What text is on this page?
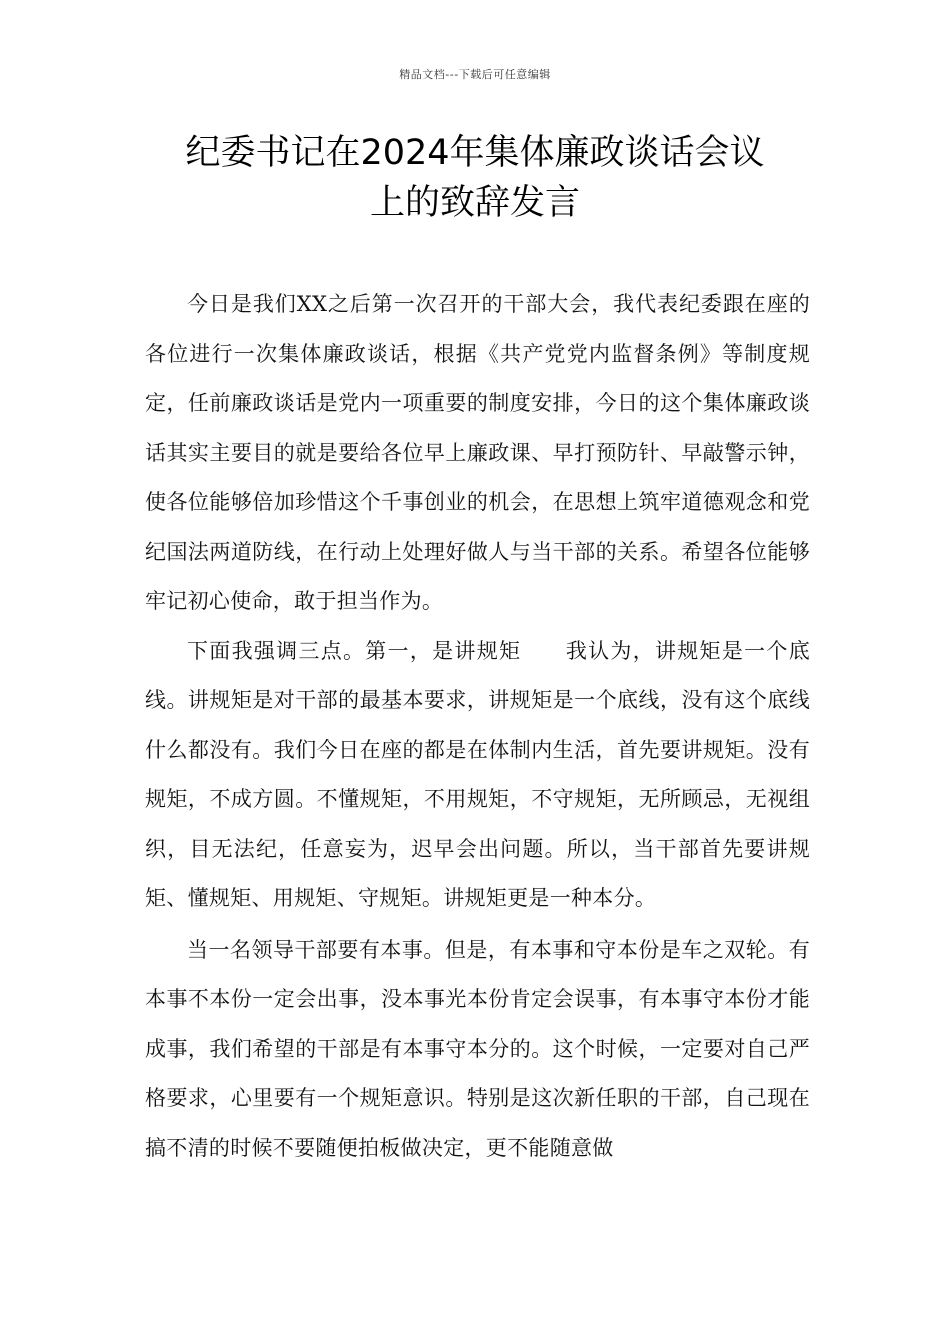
精品文档---下载后可任意编辑
纪委书记在2024年集体廉政谈话会议
上的致辞发言

今日是我们XX之后第一次召开的干部大会，我代表纪委跟在座的各位进行一次集体廉政谈话，根据《共产党党内监督条例》等制度规定，任前廉政谈话是党内一项重要的制度安排，今日的这个集体廉政谈话其实主要目的就是要给各位早上廉政课、早打预防针、早敲警示钟，使各位能够倍加珍惜这个千事创业的机会，在思想上筑牢道德观念和党纪国法两道防线，在行动上处理好做人与当干部的关系。希望各位能够牢记初心使命，敢于担当作为。

下面我强调三点。第一，是讲规矩　　我认为，讲规矩是一个底线。讲规矩是对干部的最基本要求，讲规矩是一个底线，没有这个底线什么都没有。我们今日在座的都是在体制内生活，首先要讲规矩。没有规矩，不成方圆。不懂规矩，不用规矩，不守规矩，无所顾忌，无视组织，目无法纪，任意妄为，迟早会出问题。所以，当干部首先要讲规矩、懂规矩、用规矩、守规矩。讲规矩更是一种本分。

当一名领导干部要有本事。但是，有本事和守本份是车之双轮。有本事不本份一定会出事，没本事光本份肯定会误事，有本事守本份才能成事，我们希望的干部是有本事守本分的。这个时候，一定要对自己严格要求，心里要有一个规矩意识。特别是这次新任职的干部，自己现在搞不清的时候不要随便拍板做决定，更不能随意做
